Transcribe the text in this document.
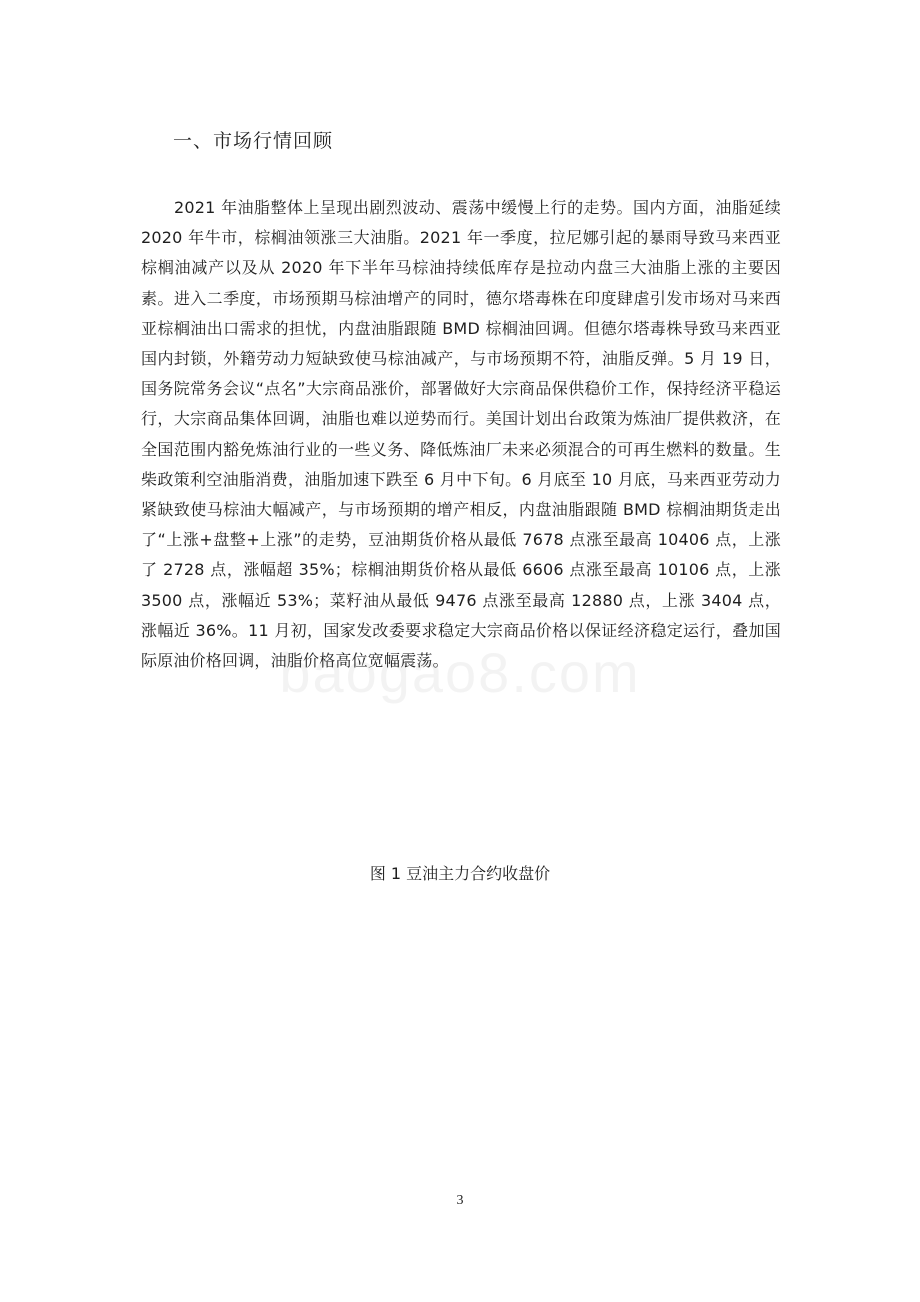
一、市场行情回顾

2021 年油脂整体上呈现出剧烈波动、震荡中缓慢上行的走势。国内方面，油脂延续 2020 年牛市，棕榈油领涨三大油脂。2021 年一季度，拉尼娜引起的暴雨导致马来西亚棕榈油减产以及从 2020 年下半年马棕油持续低库存是拉动内盘三大油脂上涨的主要因素。进入二季度，市场预期马棕油增产的同时，德尔塔毒株在印度肆虐引发市场对马来西亚棕榈油出口需求的担忧，内盘油脂跟随 BMD 棕榈油回调。但德尔塔毒株导致马来西亚国内封锁，外籍劳动力短缺致使马棕油减产，与市场预期不符，油脂反弹。5 月 19 日，国务院常务会议“点名”大宗商品涨价，部署做好大宗商品保供稳价工作，保持经济平稳运行，大宗商品集体回调，油脂也难以逆势而行。美国计划出台政策为炼油厂提供救济，在全国范围内豁免炼油行业的一些义务、降低炼油厂未来必须混合的可再生燃料的数量。生柴政策利空油脂消费，油脂加速下跌至 6 月中下旬。6 月底至 10 月底，马来西亚劳动力紧缺致使马棕油大幅减产，与市场预期的增产相反，内盘油脂跟随 BMD 棕榈油期货走出了“上涨+盘整+上涨”的走势，豆油期货价格从最低 7678 点涨至最高 10406 点，上涨了 2728 点，涨幅超 35%；棕榈油期货价格从最低 6606 点涨至最高 10106 点，上涨 3500 点，涨幅近 53%；菜籽油从最低 9476 点涨至最高 12880 点，上涨 3404 点，涨幅近 36%。11 月初，国家发改委要求稳定大宗商品价格以保证经济稳定运行，叠加国际原油价格回调，油脂价格高位宽幅震荡。

图 1 豆油主力合约收盘价

3
